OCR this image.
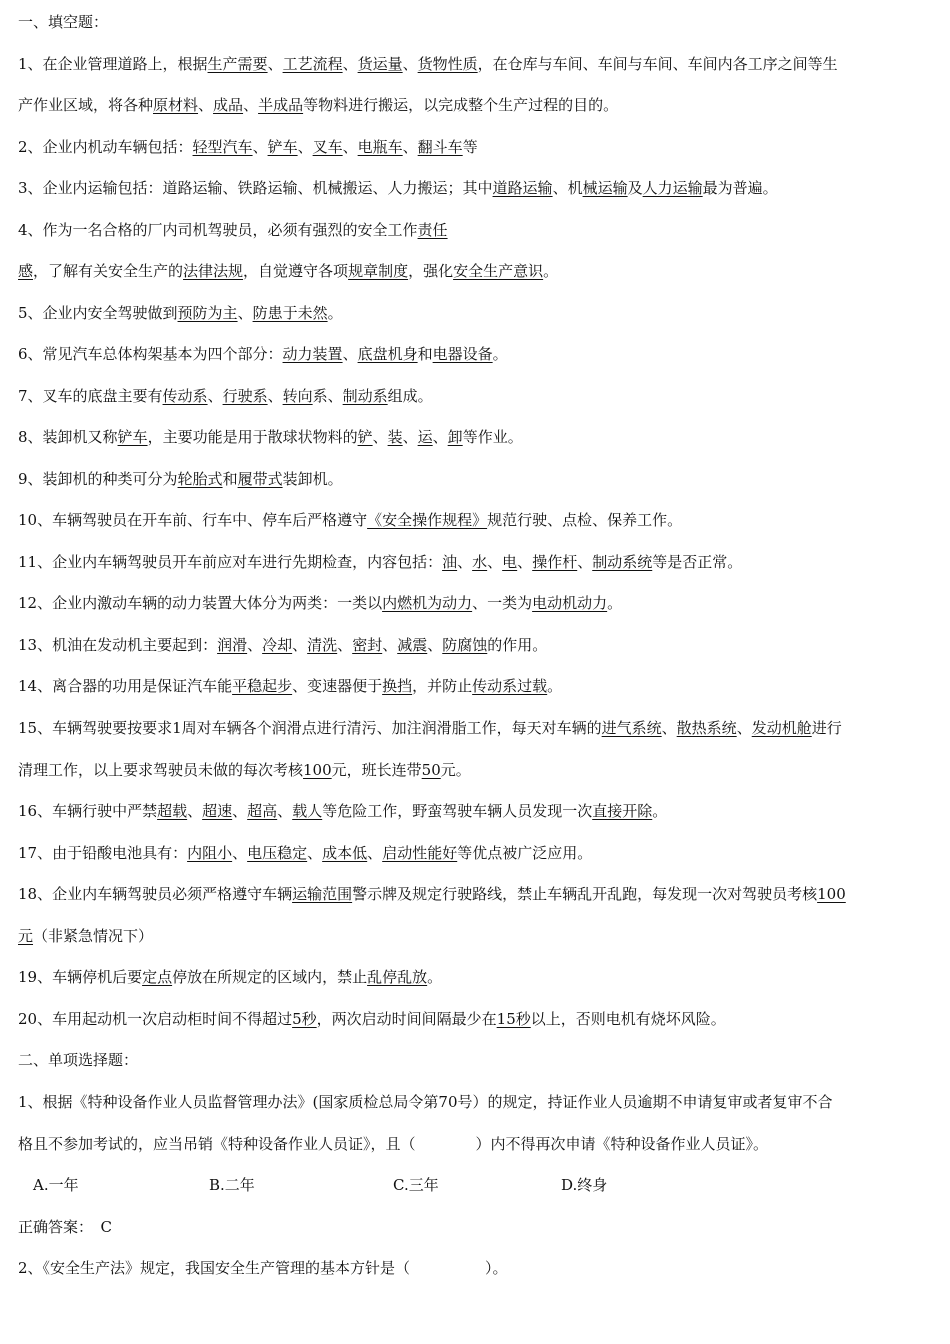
一、填空题：
1、在企业管理道路上，根据生产需要、工艺流程、货运量、货物性质，在仓库与车间、车间与车间、车间内各工序之间等生
产作业区域，将各种原材料、成品、半成品等物料进行搬运，以完成整个生产过程的目的。
2、企业内机动车辆包括：轻型汽车、铲车、叉车、电瓶车、翻斗车等
3、企业内运输包括：道路运输、铁路运输、机械搬运、人力搬运；其中道路运输、机械运输及人力运输最为普遍。
4、作为一名合格的厂内司机驾驶员，必须有强烈的安全工作责任
感，了解有关安全生产的法律法规，自觉遵守各项规章制度，强化安全生产意识。
5、企业内安全驾驶做到预防为主、防患于未然。
6、常见汽车总体构架基本为四个部分：动力装置、底盘机身和电器设备。
7、叉车的底盘主要有传动系、行驶系、转向系、制动系组成。
8、装卸机又称铲车，主要功能是用于散球状物料的铲、装、运、卸等作业。
9、装卸机的种类可分为轮胎式和履带式装卸机。
10、车辆驾驶员在开车前、行车中、停车后严格遵守《安全操作规程》规范行驶、点检、保养工作。
11、企业内车辆驾驶员开车前应对车进行先期检查，内容包括：油、水、电、操作杆、制动系统等是否正常。
12、企业内激动车辆的动力装置大体分为两类：一类以内燃机为动力、一类为电动机动力。
13、机油在发动机主要起到：润滑、冷却、清洗、密封、减震、防腐蚀的作用。
14、离合器的功用是保证汽车能平稳起步、变速器便于换挡，并防止传动系过载。
15、车辆驾驶要按要求1周对车辆各个润滑点进行清污、加注润滑脂工作，每天对车辆的进气系统、散热系统、发动机舱进行
清理工作，以上要求驾驶员未做的每次考核100元，班长连带50元。
16、车辆行驶中严禁超载、超速、超高、载人等危险工作，野蛮驾驶车辆人员发现一次直接开除。
17、由于铅酸电池具有：内阻小、电压稳定、成本低、启动性能好等优点被广泛应用。
18、企业内车辆驾驶员必须严格遵守车辆运输范围警示牌及规定行驶路线，禁止车辆乱开乱跑，每发现一次对驾驶员考核100
元（非紧急情况下）
19、车辆停机后要定点停放在所规定的区域内，禁止乱停乱放。
20、车用起动机一次启动柜时间不得超过5秒，两次启动时间间隔最少在15秒以上，否则电机有烧坏风险。
二、单项选择题：
1、根据《特种设备作业人员监督管理办法》(国家质检总局令第70号）的规定，持证作业人员逾期不申请复审或者复审不合
格且不参加考试的，应当吊销《特种设备作业人员证》，且（　　　　）内不得再次申请《特种设备作业人员证》。
A.一年	B.二年	C.三年	D.终身
正确答案：　C
2、《安全生产法》规定，我国安全生产管理的基本方针是（　　　　　）。
